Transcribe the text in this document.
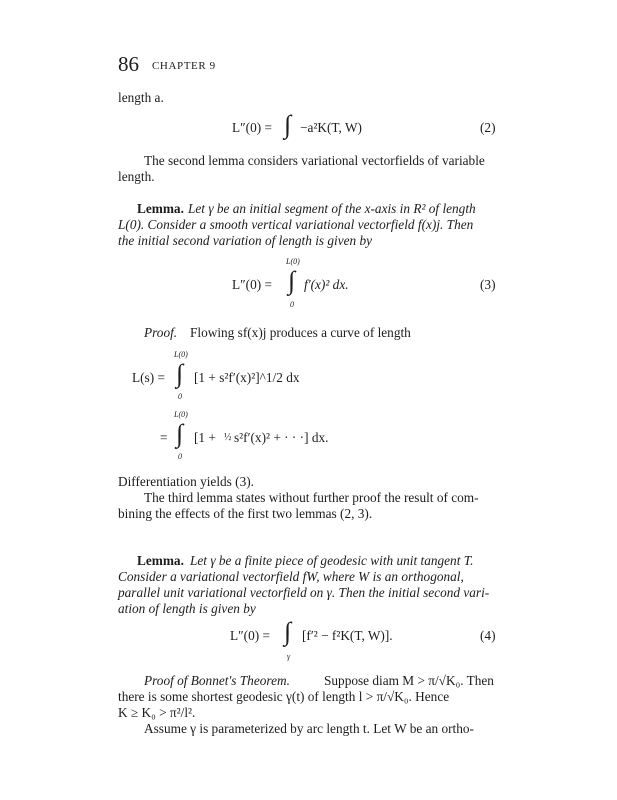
86 CHAPTER 9
length a.
L″(0) = ∫ −a²K(T, W)	(2)
The second lemma considers variational vectorfields of variable
length.
Lemma. Let γ be an initial segment of the x-axis in R² of length
L(0). Consider a smooth vertical variational vectorfield f(x)j. Then
the initial second variation of length is given by
L(0)
L″(0) = ∫ f′(x)² dx.	(3)
0
Proof. Flowing sf(x)j produces a curve of length
L(0)
L(s) = ∫ [1 + s²f′(x)²]^1/2 dx
0
L(0)
= ∫ [1 + ½ s²f′(x)² + · · ·] dx.
0
Differentiation yields (3).
The third lemma states without further proof the result of com-
bining the effects of the first two lemmas (2, 3).
Lemma. Let γ be a finite piece of geodesic with unit tangent T.
Consider a variational vectorfield fW, where W is an orthogonal,
parallel unit variational vectorfield on γ. Then the initial second vari-
ation of length is given by
L″(0) = ∫ [f′² − f²K(T, W)].	(4)
γ
Proof of Bonnet's Theorem.	Suppose diam M > π/√K₀. Then
there is some shortest geodesic γ(t) of length l > π/√K₀. Hence
K ≥ K₀ > π²/l².
Assume γ is parameterized by arc length t. Let W be an ortho-
